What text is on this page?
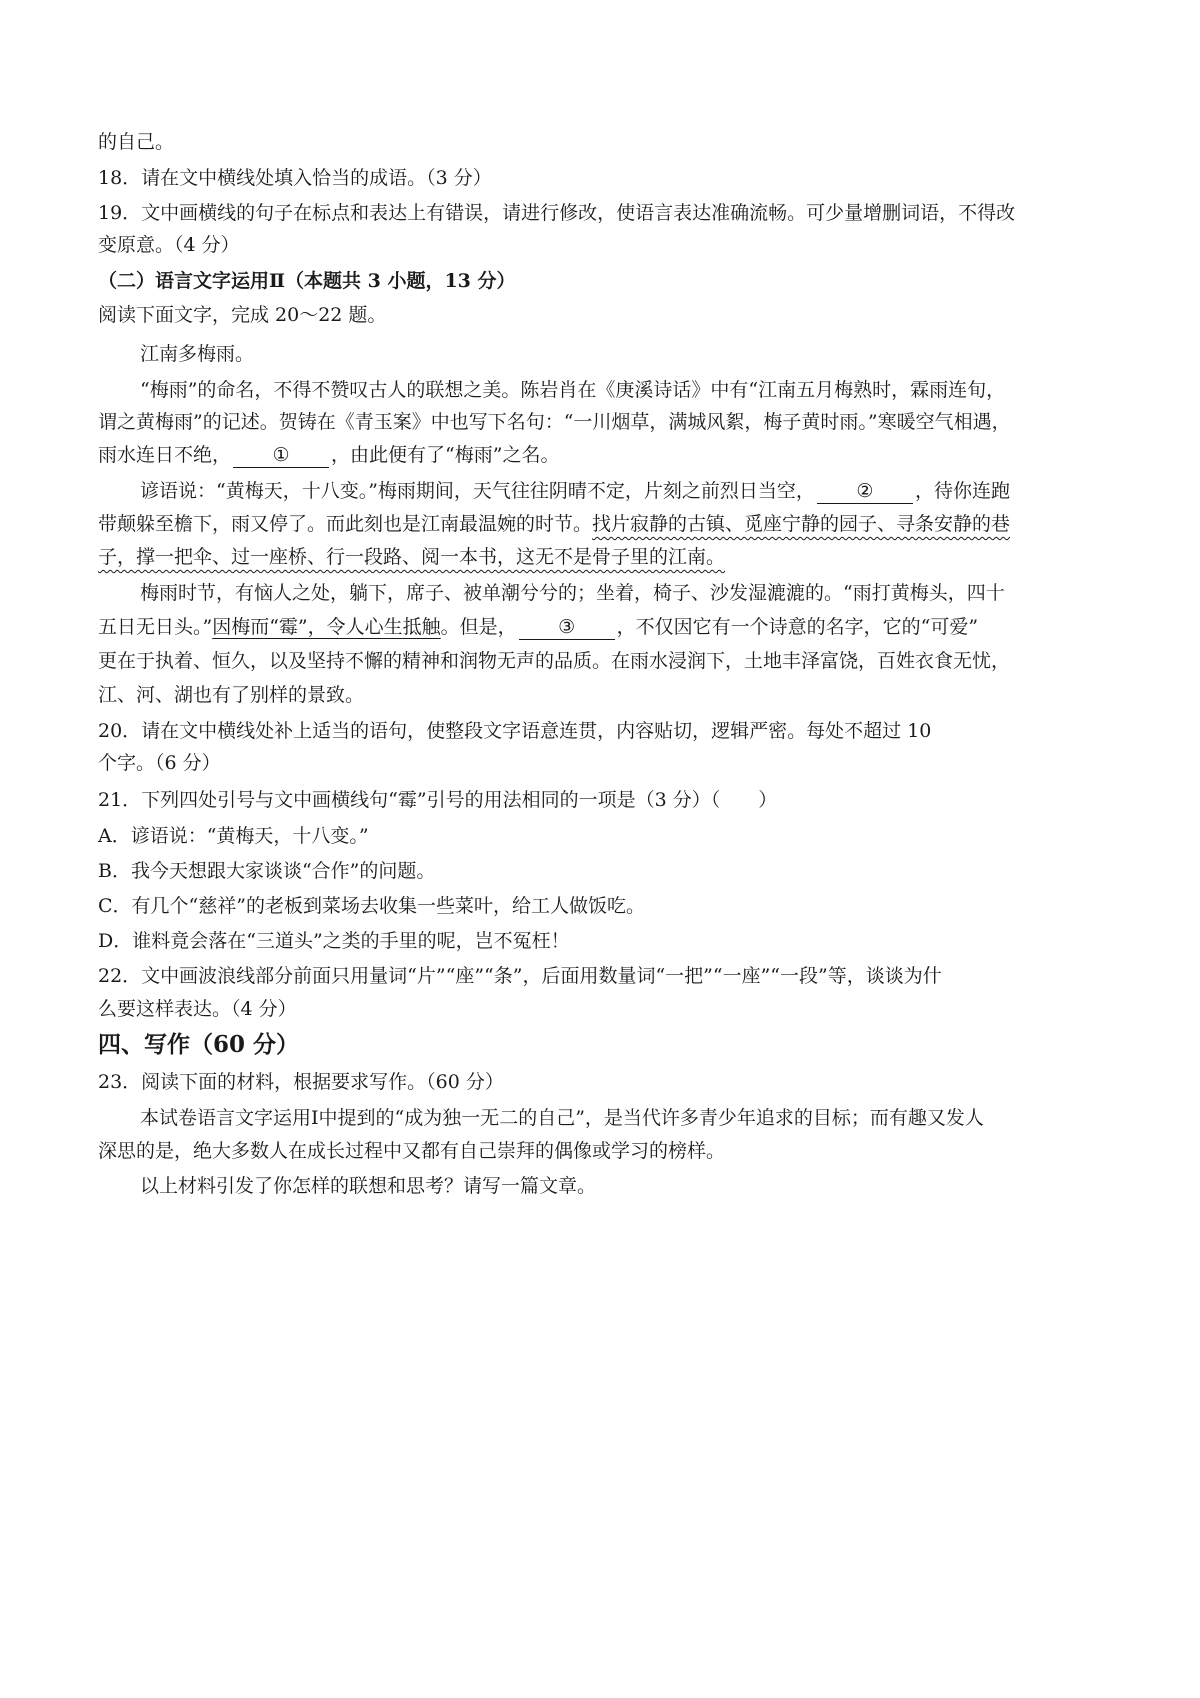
的自己。
18．请在文中横线处填入恰当的成语。（3 分）
19．文中画横线的句子在标点和表达上有错误，请进行修改，使语言表达准确流畅。可少量增删词语，不得改
变原意。（4 分）
（二）语言文字运用Ⅱ（本题共 3 小题，13 分）
阅读下面文字，完成 20～22 题。
江南多梅雨。
“梅雨”的命名，不得不赞叹古人的联想之美。陈岩肖在《庚溪诗话》中有“江南五月梅熟时，霖雨连旬，
谓之黄梅雨”的记述。贺铸在《青玉案》中也写下名句：“一川烟草，满城风絮，梅子黄时雨。”寒暖空气相遇，
雨水连日不绝， ① ，由此便有了“梅雨”之名。
谚语说：“黄梅天，十八变。”梅雨期间，天气往往阴晴不定，片刻之前烈日当空， ② ，待你连跑
带颠躲至檐下，雨又停了。而此刻也是江南最温婉的时节。找片寂静的古镇、觅座宁静的园子、寻条安静的巷
子，撑一把伞、过一座桥、行一段路、阅一本书，这无不是骨子里的江南。
梅雨时节，有恼人之处，躺下，席子、被单潮兮兮的；坐着，椅子、沙发湿漉漉的。“雨打黄梅头，四十
五日无日头。”因梅而“霉”，令人心生抵触。但是， ③ ，不仅因它有一个诗意的名字，它的“可爱”
更在于执着、恒久，以及坚持不懈的精神和润物无声的品质。在雨水浸润下，土地丰泽富饶，百姓衣食无忧，
江、河、湖也有了别样的景致。
20．请在文中横线处补上适当的语句，使整段文字语意连贯，内容贴切，逻辑严密。每处不超过 10
个字。（6 分）
21．下列四处引号与文中画横线句“霉”引号的用法相同的一项是（3 分）（　　）
A．谚语说：“黄梅天，十八变。”
B．我今天想跟大家谈谈“合作”的问题。
C．有几个“慈祥”的老板到菜场去收集一些菜叶，给工人做饭吃。
D．谁料竟会落在“三道头”之类的手里的呢，岂不冤枉！
22．文中画波浪线部分前面只用量词“片”“座”“条”，后面用数量词“一把”“一座”“一段”等，谈谈为什
么要这样表达。（4 分）
四、写作（60 分）
23．阅读下面的材料，根据要求写作。（60 分）
本试卷语言文字运用Ⅰ中提到的“成为独一无二的自己”，是当代许多青少年追求的目标；而有趣又发人
深思的是，绝大多数人在成长过程中又都有自己崇拜的偶像或学习的榜样。
以上材料引发了你怎样的联想和思考？请写一篇文章。
